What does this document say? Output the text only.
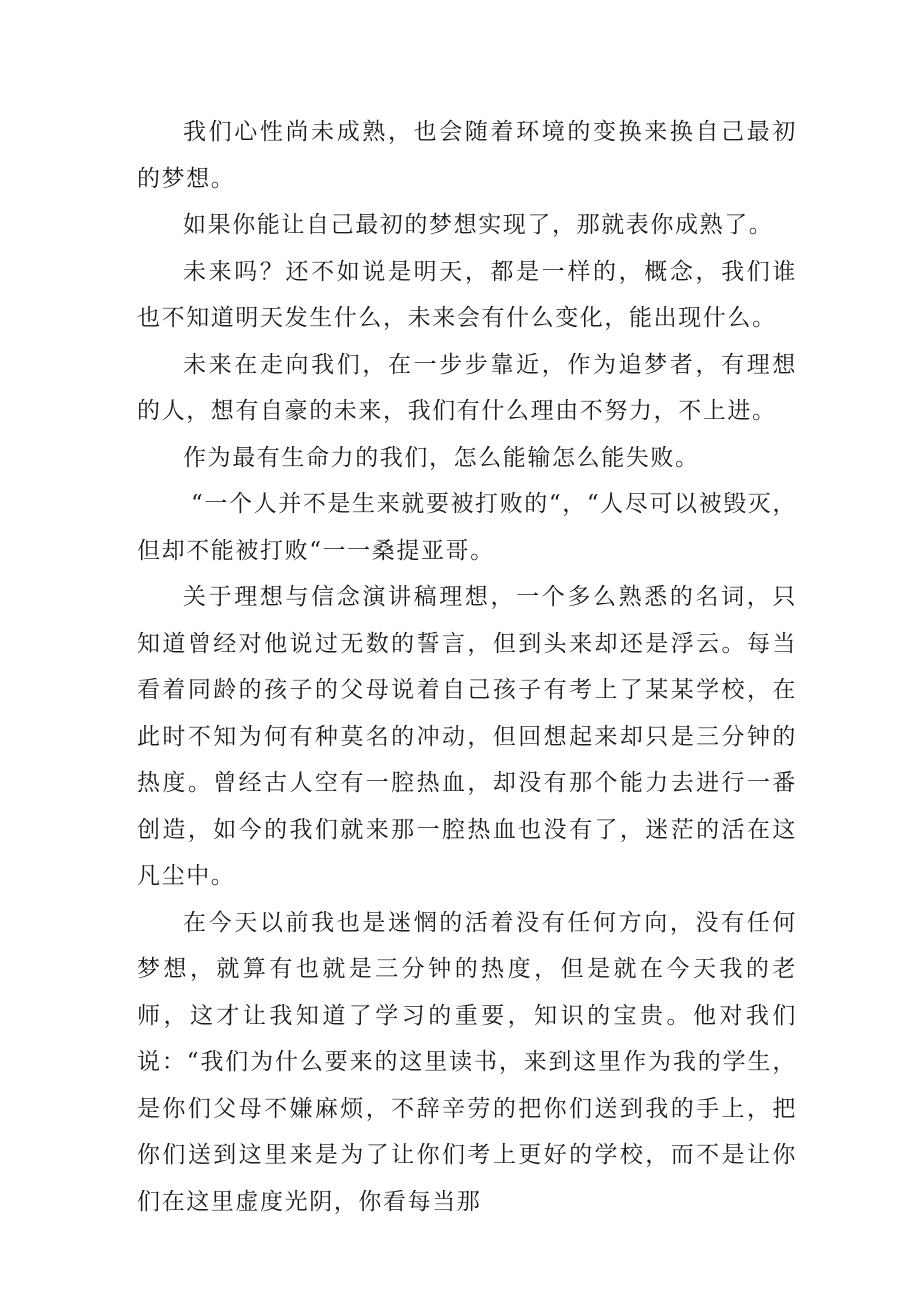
我们心性尚未成熟，也会随着环境的变换来换自己最初的梦想。

如果你能让自己最初的梦想实现了，那就表你成熟了。

未来吗？还不如说是明天，都是一样的，概念，我们谁也不知道明天发生什么，未来会有什么变化，能出现什么。

未来在走向我们，在一步步靠近，作为追梦者，有理想的人，想有自豪的未来，我们有什么理由不努力，不上进。

作为最有生命力的我们，怎么能输怎么能失败。

“一个人并不是生来就要被打败的“，“人尽可以被毁灭，但却不能被打败“一一桑提亚哥。

关于理想与信念演讲稿理想，一个多么熟悉的名词，只知道曾经对他说过无数的誓言，但到头来却还是浮云。每当看着同龄的孩子的父母说着自己孩子有考上了某某学校，在此时不知为何有种莫名的冲动，但回想起来却只是三分钟的热度。曾经古人空有一腔热血，却没有那个能力去进行一番创造，如今的我们就来那一腔热血也没有了，迷茫的活在这凡尘中。

在今天以前我也是迷惘的活着没有任何方向，没有任何梦想，就算有也就是三分钟的热度，但是就在今天我的老师，这才让我知道了学习的重要，知识的宝贵。他对我们说：“我们为什么要来的这里读书，来到这里作为我的学生，是你们父母不嫌麻烦，不辞辛劳的把你们送到我的手上，把你们送到这里来是为了让你们考上更好的学校，而不是让你们在这里虚度光阴，你看每当那
